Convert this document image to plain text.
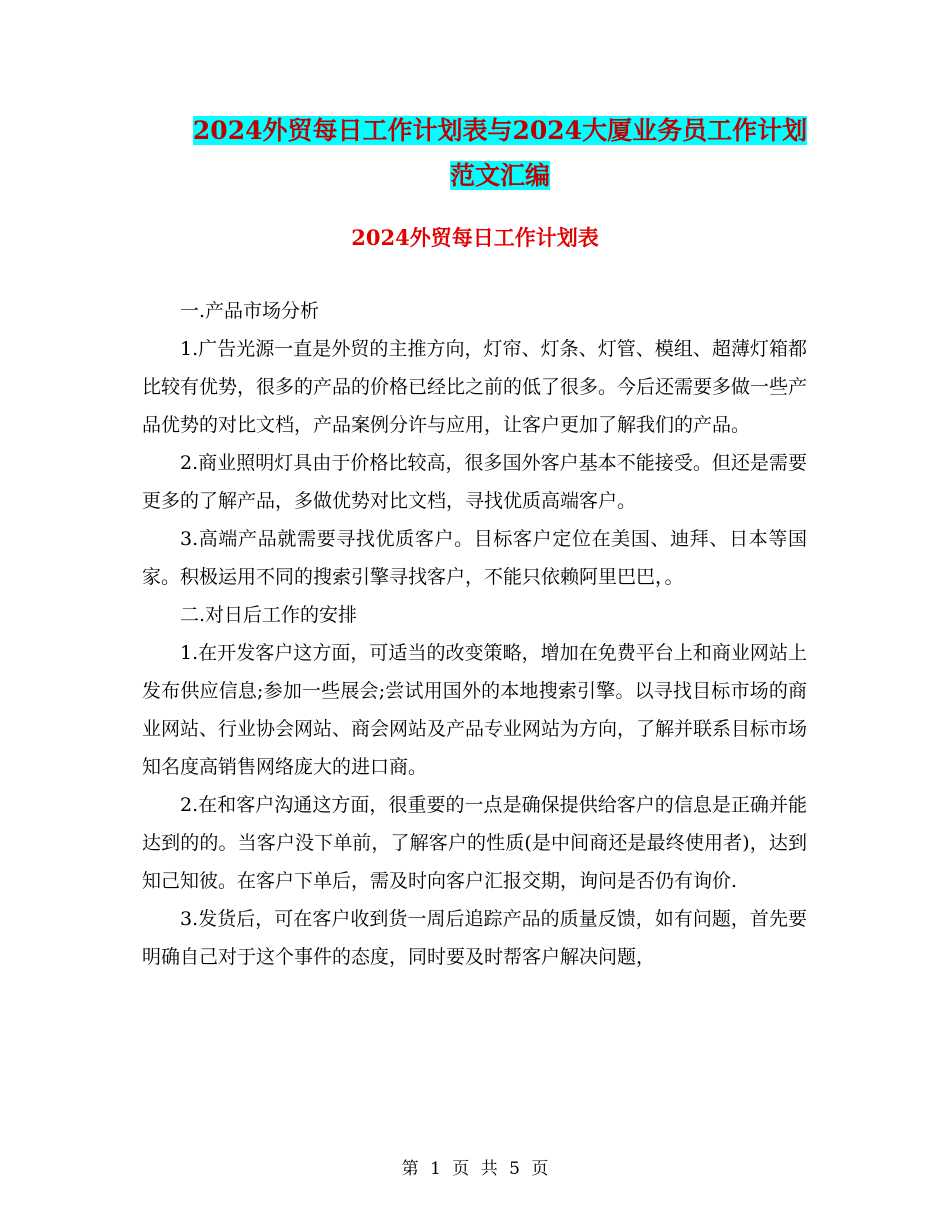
2024外贸每日工作计划表与2024大厦业务员工作计划
范文汇编
2024外贸每日工作计划表

一.产品市场分析

1.广告光源一直是外贸的主推方向，灯帘、灯条、灯管、模组、超薄灯箱都比较有优势，很多的产品的价格已经比之前的低了很多。今后还需要多做一些产品优势的对比文档，产品案例分许与应用，让客户更加了解我们的产品。

2.商业照明灯具由于价格比较高，很多国外客户基本不能接受。但还是需要更多的了解产品，多做优势对比文档，寻找优质高端客户。

3.高端产品就需要寻找优质客户。目标客户定位在美国、迪拜、日本等国家。积极运用不同的搜索引擎寻找客户，不能只依赖阿里巴巴，。

二.对日后工作的安排

1.在开发客户这方面，可适当的改变策略，增加在免费平台上和商业网站上发布供应信息;参加一些展会;尝试用国外的本地搜索引擎。以寻找目标市场的商业网站、行业协会网站、商会网站及产品专业网站为方向，了解并联系目标市场知名度高销售网络庞大的进口商。

2.在和客户沟通这方面，很重要的一点是确保提供给客户的信息是正确并能达到的的。当客户没下单前，了解客户的性质(是中间商还是最终使用者)，达到知己知彼。在客户下单后，需及时向客户汇报交期，询问是否仍有询价.

3.发货后，可在客户收到货一周后追踪产品的质量反馈，如有问题，首先要明确自己对于这个事件的态度，同时要及时帮客户解决问题，

第 1 页 共 5 页
